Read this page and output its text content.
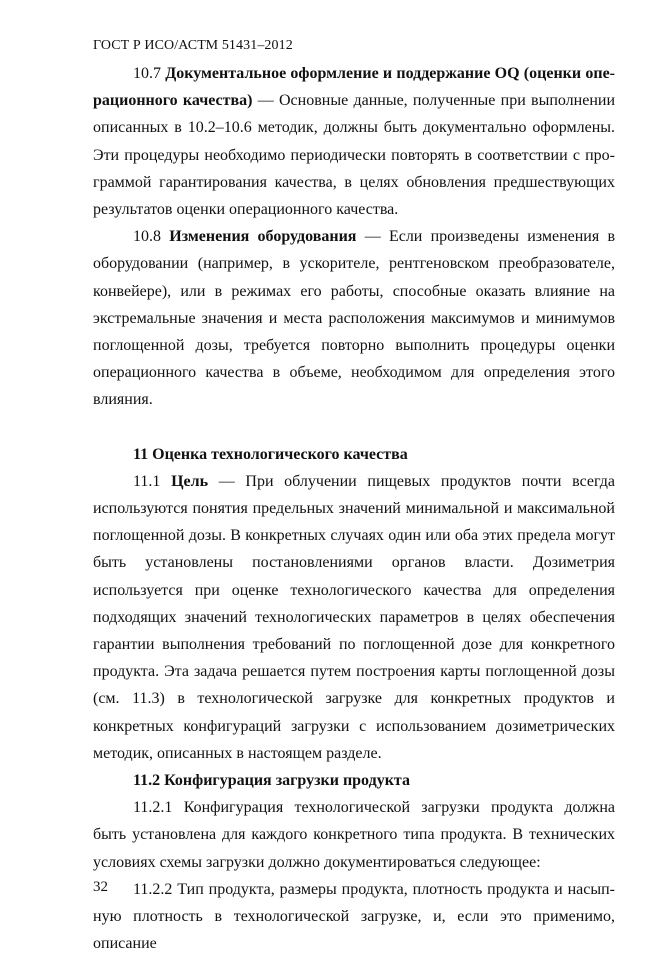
ГОСТ Р ИСО/АСТМ 51431–2012

10.7 Документальное оформление и поддержание OQ (оценки операционного качества) — Основные данные, полученные при выполнении описанных в 10.2–10.6 методик, должны быть документально оформлены. Эти процедуры необходимо периодически повторять в соответствии с программой гарантирования качества, в целях обновления предшествующих результатов оценки операционного качества.

10.8 Изменения оборудования — Если произведены изменения в оборудовании (например, в ускорителе, рентгеновском преобразователе, конвейере), или в режимах его работы, способные оказать влияние на экстремальные значения и места расположения максимумов и минимумов поглощенной дозы, требуется повторно выполнить процедуры оценки операционного качества в объеме, необходимом для определения этого влияния.

11 Оценка технологического качества

11.1 Цель — При облучении пищевых продуктов почти всегда используются понятия предельных значений минимальной и максимальной поглощенной дозы. В конкретных случаях один или оба этих предела могут быть установлены постановлениями органов власти. Дозиметрия используется при оценке технологического качества для определения подходящих значений технологических параметров в целях обеспечения гарантии выполнения требований по поглощенной дозе для конкретного продукта. Эта задача решается путем построения карты поглощенной дозы (см. 11.3) в технологической загрузке для конкретных продуктов и конкретных конфигураций загрузки с использованием дозиметрических методик, описанных в настоящем разделе.

11.2 Конфигурация загрузки продукта

11.2.1 Конфигурация технологической загрузки продукта должна быть установлена для каждого конкретного типа продукта. В технических условиях схемы загрузки должно документироваться следующее:

11.2.2 Тип продукта, размеры продукта, плотность продукта и насыпную плотность в технологической загрузке, и, если это применимо, описание

32
